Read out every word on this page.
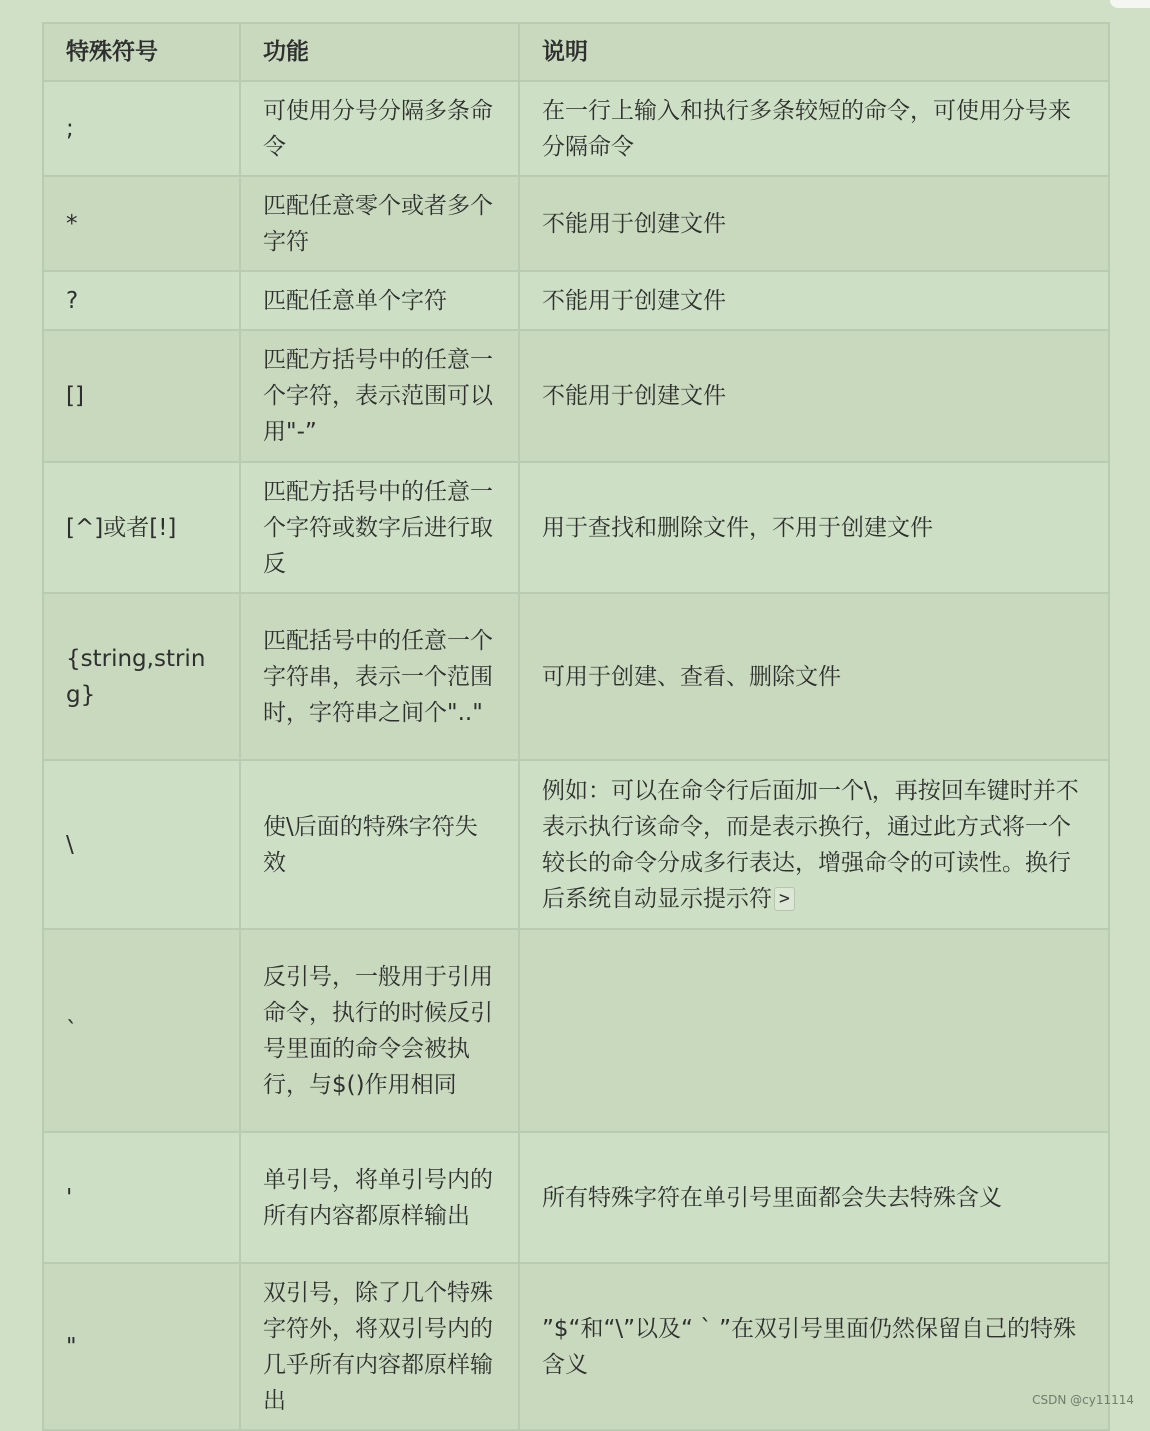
特殊符号	功能	说明
;	可使用分号分隔多条命令	在一行上输入和执行多条较短的命令，可使用分号来分隔命令
*	匹配任意零个或者多个字符	不能用于创建文件
?	匹配任意单个字符	不能用于创建文件
[]	匹配方括号中的任意一个字符，表示范围可以用"-”	不能用于创建文件
[^]或者[!]	匹配方括号中的任意一个字符或数字后进行取反	用于查找和删除文件，不用于创建文件
{string,string}	匹配括号中的任意一个字符串，表示一个范围时，字符串之间个".."	可用于创建、查看、删除文件
\	使\后面的特殊字符失效	例如：可以在命令行后面加一个\，再按回车键时并不表示执行该命令，而是表示换行，通过此方式将一个较长的命令分成多行表达，增强命令的可读性。换行后系统自动显示提示符 >
`	反引号，一般用于引用命令，执行的时候反引号里面的命令会被执行，与$()作用相同	
'	单引号，将单引号内的所有内容都原样输出	所有特殊字符在单引号里面都会失去特殊含义
"	双引号，除了几个特殊字符外，将双引号内的几乎所有内容都原样输出	”$“和“\”以及“ ` ”在双引号里面仍然保留自己的特殊含义
CSDN @cy11114
